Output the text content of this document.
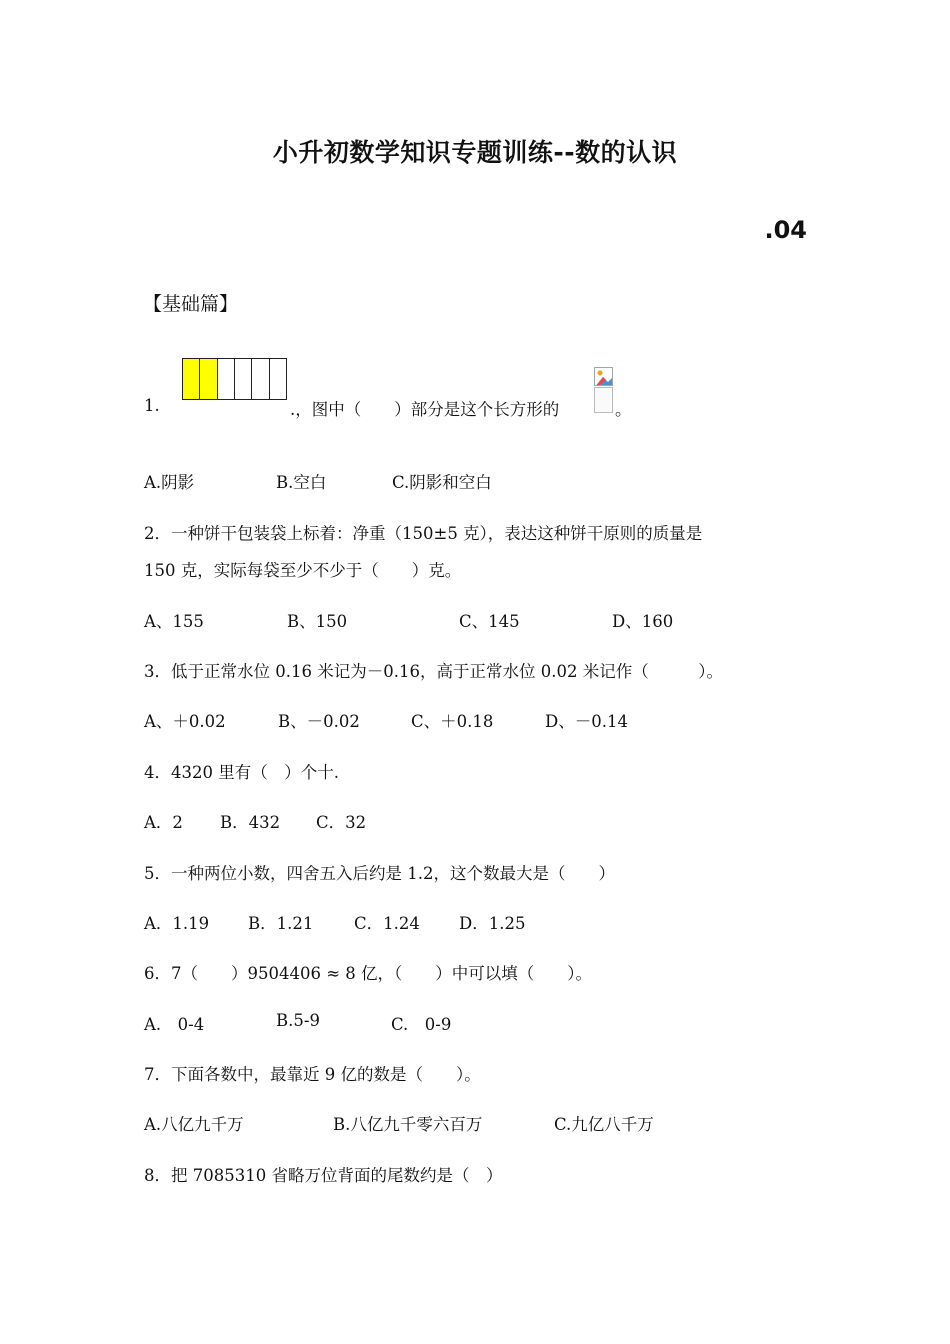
小升初数学知识专题训练--数的认识
.04
【基础篇】
1.	.，图中（　　）部分是这个长方形的	。
A.阴影	B.空白	C.阴影和空白
2．一种饼干包装袋上标着：净重（150±5 克），表达这种饼干原则的质量是
150 克，实际每袋至少不少于（　　）克。
A、155	B、150	C、145	D、160
3．低于正常水位 0.16 米记为－0.16，高于正常水位 0.02 米记作（　　　）。
A、＋0.02	B、－0.02	C、＋0.18	D、－0.14
4．4320 里有（　）个十.
A．2 B．432 C．32
5．一种两位小数，四舍五入后约是 1.2，这个数最大是（　　）
A．1.19 B．1.21 C．1.24 D．1.25
6．7（　　）9504406 ≈ 8 亿，（　　）中可以填（　　）。
A.　0-4	B.5-9	C.　0-9
7．下面各数中，最靠近 9 亿的数是（　　）。
A.八亿九千万	B.八亿九千零六百万	C.九亿八千万
8．把 7085310 省略万位背面的尾数约是（　）
